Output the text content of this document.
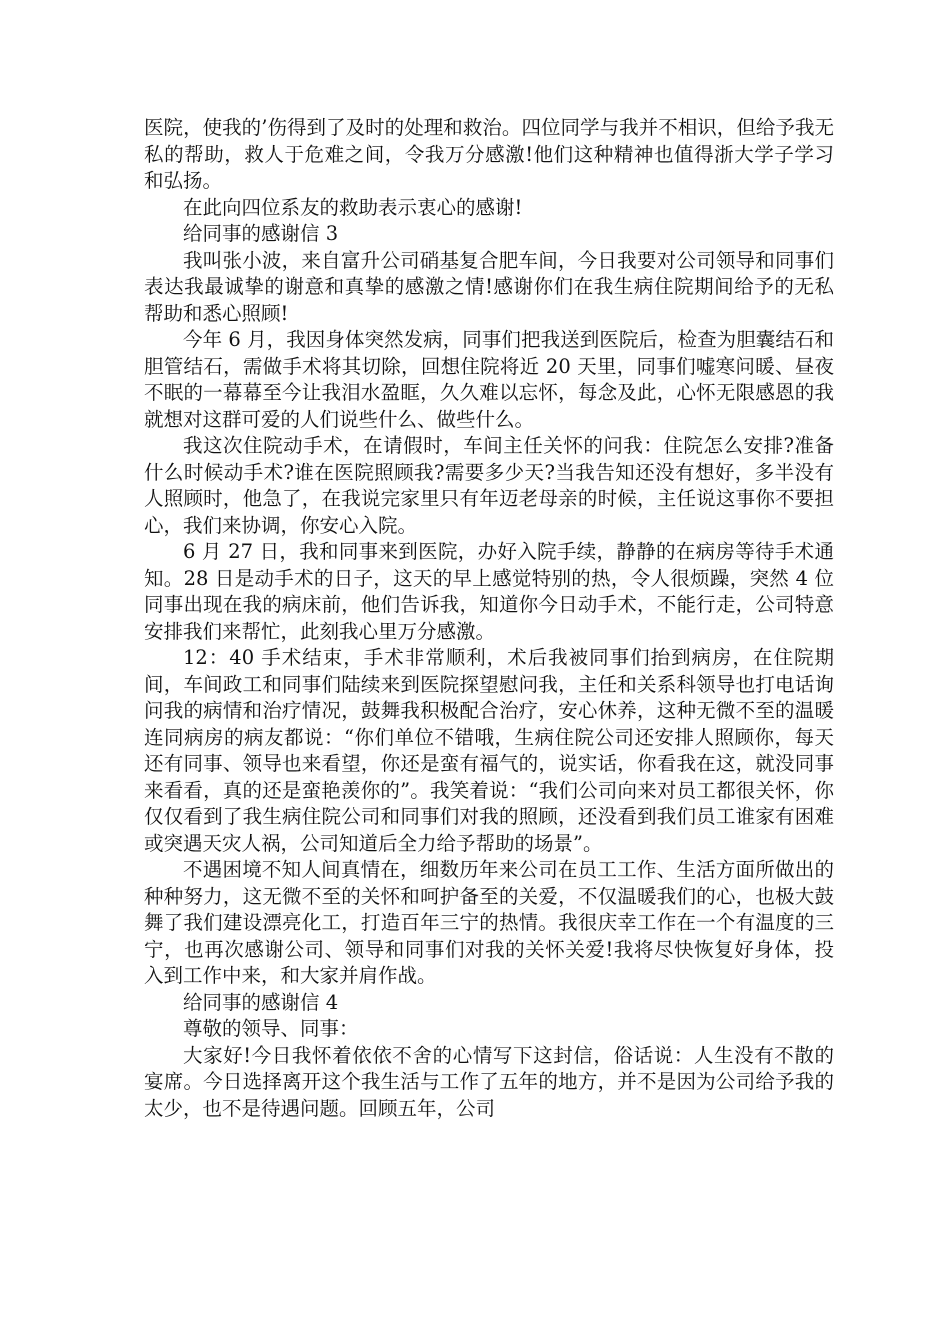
医院，使我的’伤得到了及时的处理和救治。四位同学与我并不相识，但给予我无私的帮助，救人于危难之间，令我万分感激!他们这种精神也值得浙大学子学习和弘扬。

在此向四位系友的救助表示衷心的感谢!

给同事的感谢信 3

我叫张小波，来自富升公司硝基复合肥车间，今日我要对公司领导和同事们表达我最诚挚的谢意和真挚的感激之情!感谢你们在我生病住院期间给予的无私帮助和悉心照顾!

今年 6 月，我因身体突然发病，同事们把我送到医院后，检查为胆囊结石和胆管结石，需做手术将其切除，回想住院将近 20 天里，同事们嘘寒问暖、昼夜不眠的一幕幕至今让我泪水盈眶，久久难以忘怀，每念及此，心怀无限感恩的我就想对这群可爱的人们说些什么、做些什么。

我这次住院动手术，在请假时，车间主任关怀的问我：住院怎么安排?准备什么时候动手术?谁在医院照顾我?需要多少天?当我告知还没有想好，多半没有人照顾时，他急了，在我说完家里只有年迈老母亲的时候，主任说这事你不要担心，我们来协调，你安心入院。

6 月 27 日，我和同事来到医院，办好入院手续，静静的在病房等待手术通知。28 日是动手术的日子，这天的早上感觉特别的热，令人很烦躁，突然 4 位同事出现在我的病床前，他们告诉我，知道你今日动手术，不能行走，公司特意安排我们来帮忙，此刻我心里万分感激。

12：40 手术结束，手术非常顺利，术后我被同事们抬到病房，在住院期间，车间政工和同事们陆续来到医院探望慰问我，主任和关系科领导也打电话询问我的病情和治疗情况，鼓舞我积极配合治疗，安心休养，这种无微不至的温暖连同病房的病友都说：“你们单位不错哦，生病住院公司还安排人照顾你，每天还有同事、领导也来看望，你还是蛮有福气的，说实话，你看我在这，就没同事来看看，真的还是蛮艳羡你的”。我笑着说：“我们公司向来对员工都很关怀，你仅仅看到了我生病住院公司和同事们对我的照顾，还没看到我们员工谁家有困难或突遇天灾人祸，公司知道后全力给予帮助的场景”。

不遇困境不知人间真情在，细数历年来公司在员工工作、生活方面所做出的种种努力，这无微不至的关怀和呵护备至的关爱，不仅温暖我们的心，也极大鼓舞了我们建设漂亮化工，打造百年三宁的热情。我很庆幸工作在一个有温度的三宁，也再次感谢公司、领导和同事们对我的关怀关爱!我将尽快恢复好身体，投入到工作中来，和大家并肩作战。

给同事的感谢信 4

尊敬的领导、同事：

大家好!今日我怀着依依不舍的心情写下这封信，俗话说：人生没有不散的宴席。今日选择离开这个我生活与工作了五年的地方，并不是因为公司给予我的太少，也不是待遇问题。回顾五年，公司
